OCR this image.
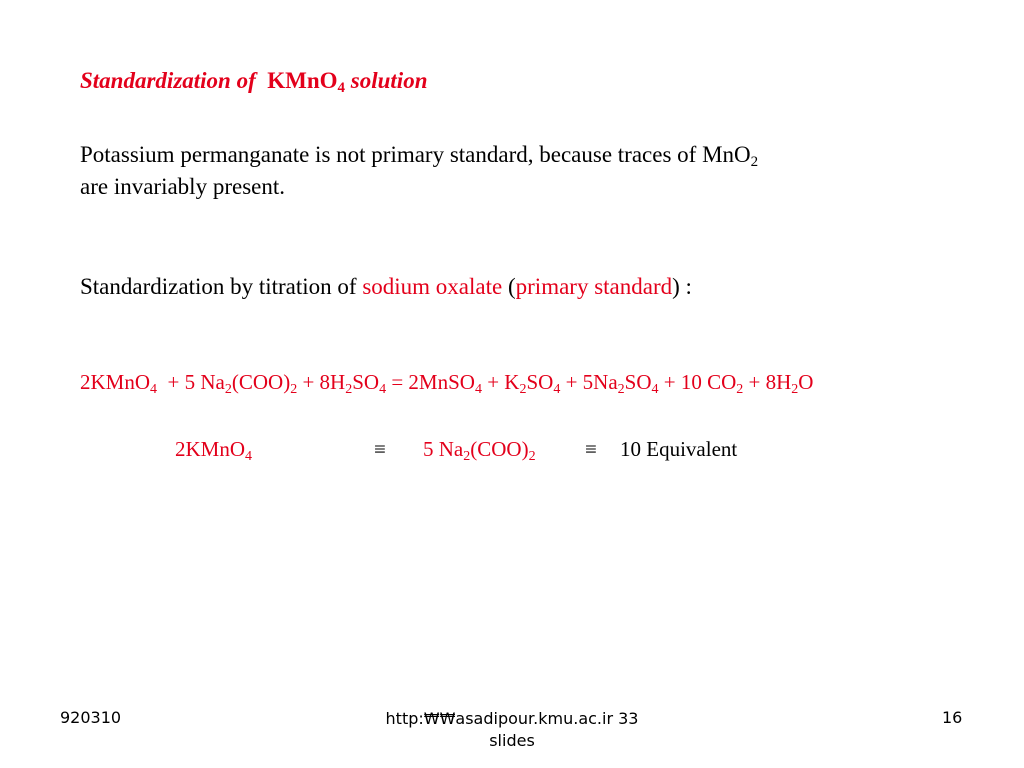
Standardization of KMnO$_4$ solution
Potassium permanganate is not primary standard, because traces of MnO$_2$
are invariably present.
Standardization by titration of sodium oxalate (primary standard) :
2KMnO$_4$  + 5 $Na_2(COO)_2 + 8H_2SO_4$ = 2MnSO$_4$ + $K_2SO_4 + 5Na_2SO_4 + 10$ $CO_2 + 8H_2O$
2KMnO$_4$	≡ 5 $Na_2(COO)_2 \equiv 10$ Equivalent
920310	http:₩₩asadipour.kmu.ac.ir 33
slides
16
